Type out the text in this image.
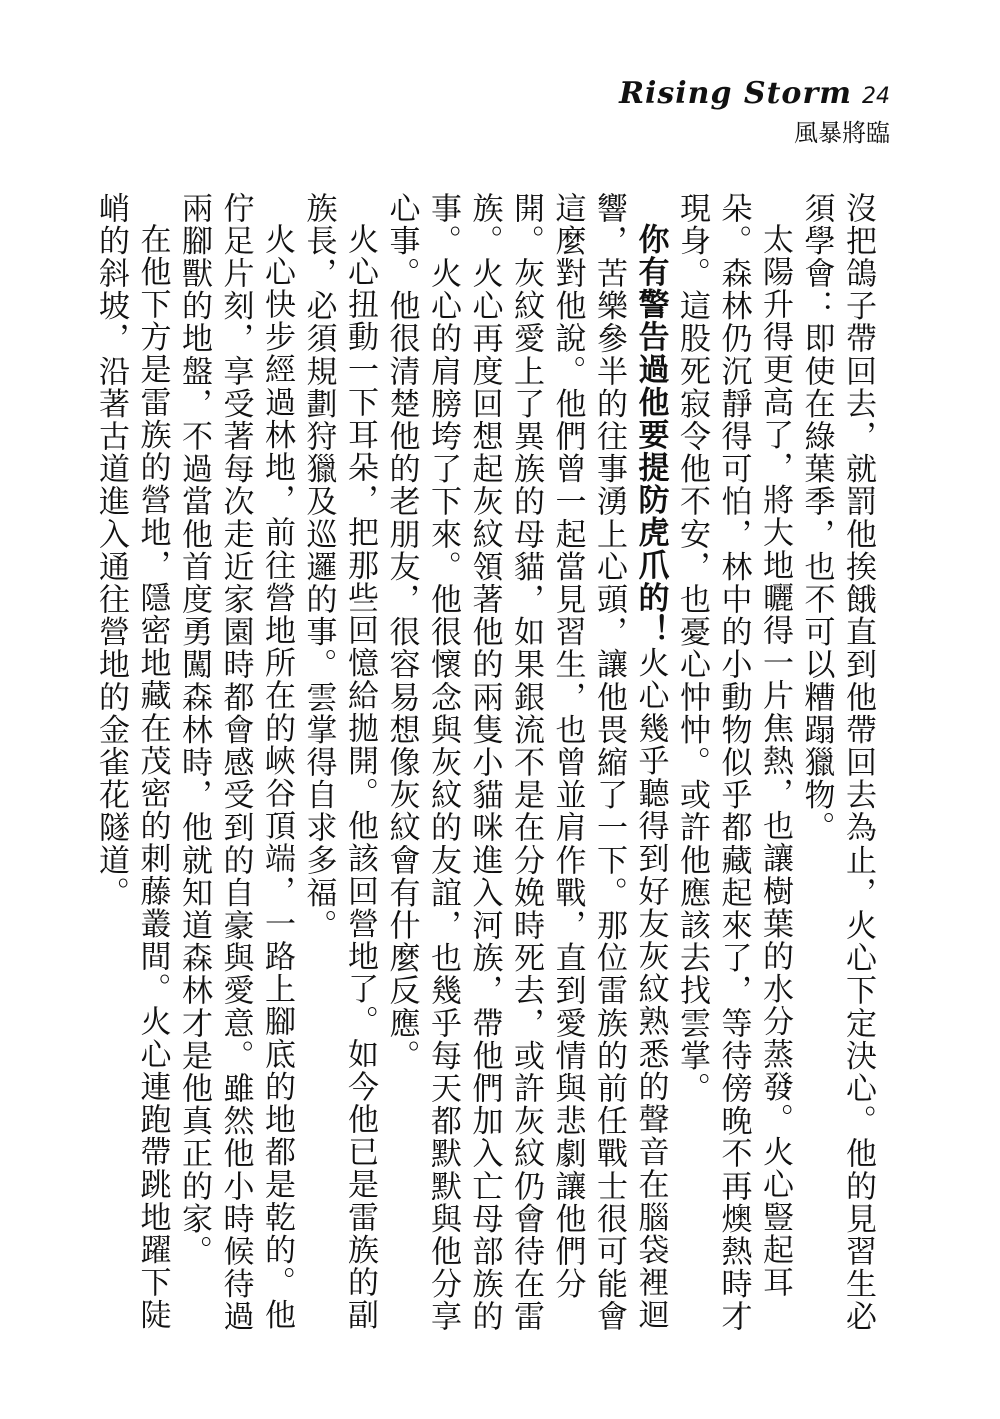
Rising Storm 24
風暴將臨

沒把鴿子帶回去，就罰他挨餓直到他帶回去為止，火心下定決心。他的見習生必須學會：即使在綠葉季，也不可以糟蹋獵物。

太陽升得更高了，將大地曬得一片焦熱，也讓樹葉的水分蒸發。火心豎起耳朵。森林仍沉靜得可怕，林中的小動物似乎都藏起來了，等待傍晚不再燠熱時才現身。這股死寂令他不安，也憂心忡忡。或許他應該去找雲掌。

你有警告過他要提防虎爪的！火心幾乎聽得到好友灰紋熟悉的聲音在腦袋裡迴響，苦樂參半的往事湧上心頭，讓他畏縮了一下。那位雷族的前任戰士很可能會這麼對他說。他們曾一起當見習生，也曾並肩作戰，直到愛情與悲劇讓他們分開。灰紋愛上了異族的母貓，如果銀流不是在分娩時死去，或許灰紋仍會待在雷族。火心再度回想起灰紋領著他的兩隻小貓咪進入河族，帶他們加入亡母部族的事。火心的肩膀垮了下來。他很懷念與灰紋的友誼，也幾乎每天都默默與他分享心事。他很清楚他的老朋友，很容易想像灰紋會有什麼反應。

火心扭動一下耳朵，把那些回憶給拋開。他該回營地了。如今他已是雷族的副族長，必須規劃狩獵及巡邏的事。雲掌得自求多福。

火心快步經過林地，前往營地所在的峽谷頂端，一路上腳底的地都是乾的。他佇足片刻，享受著每次走近家園時都會感受到的自豪與愛意。雖然他小時候待過兩腳獸的地盤，不過當他首度勇闖森林時，他就知道森林才是他真正的家。

在他下方是雷族的營地，隱密地藏在茂密的刺藤叢間。火心連跑帶跳地躍下陡峭的斜坡，沿著古道進入通往營地的金雀花隧道。
